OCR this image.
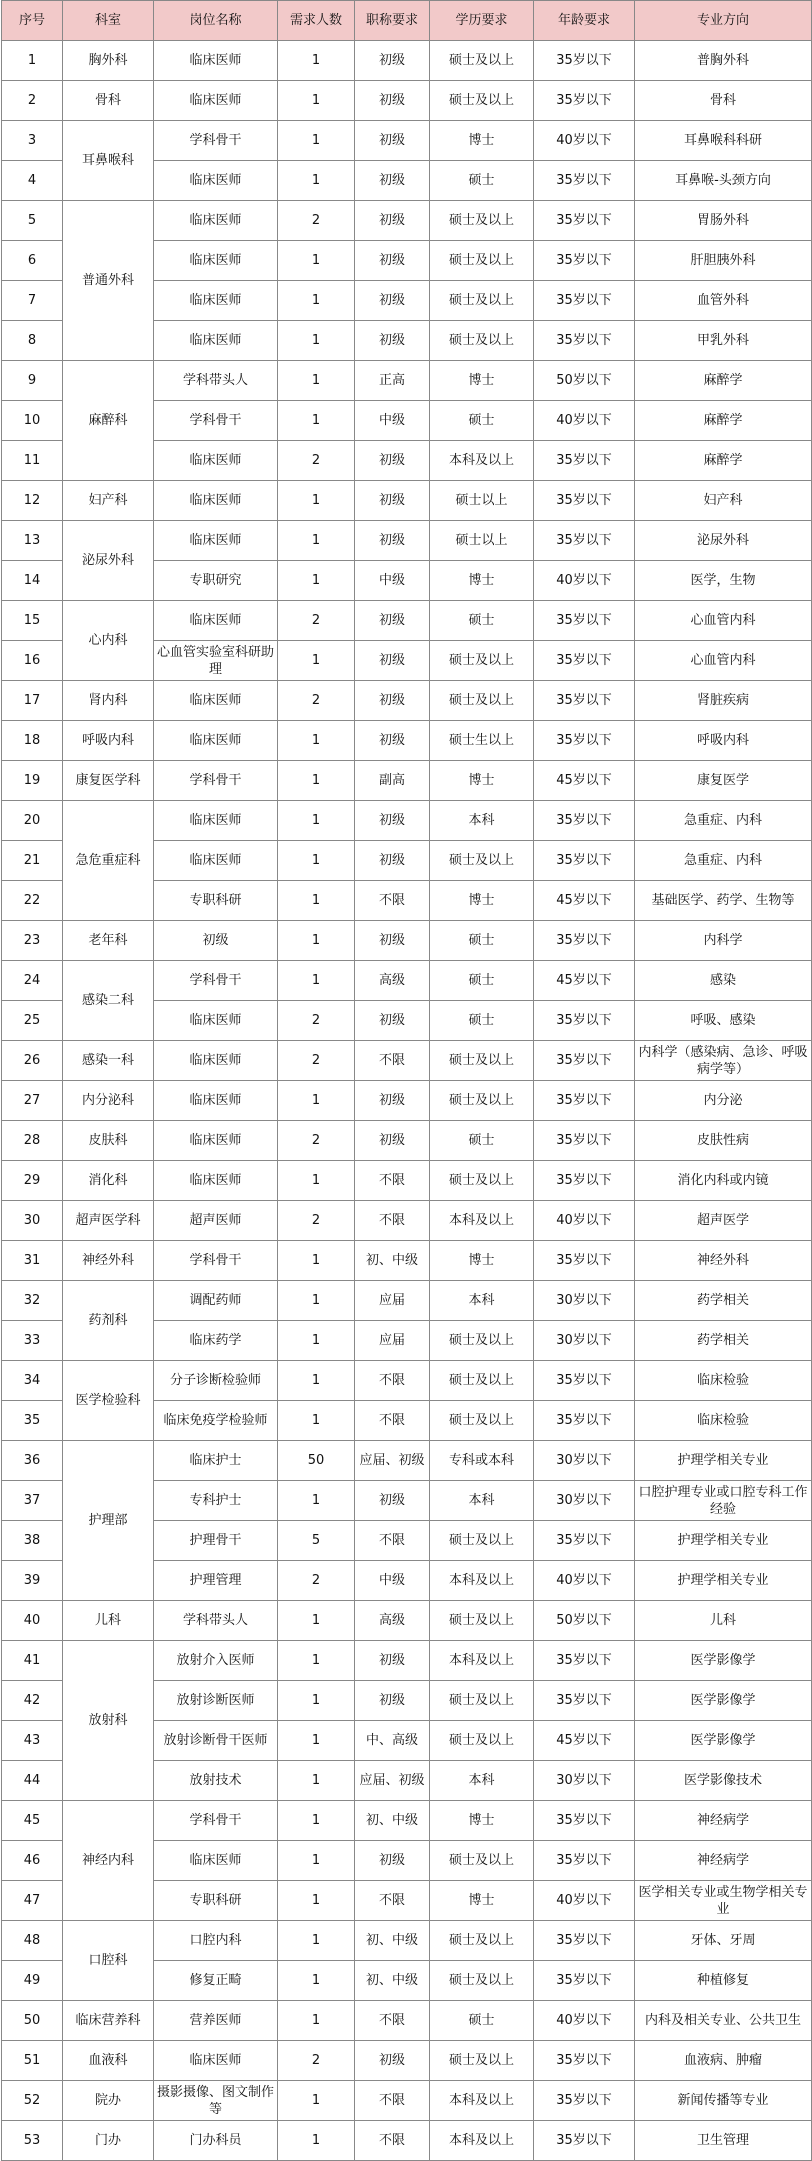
序号	科室	岗位名称	需求人数	职称要求	学历要求	年龄要求	专业方向
1	胸外科	临床医师	1	初级	硕士及以上	35岁以下	普胸外科
2	骨科	临床医师	1	初级	硕士及以上	35岁以下	骨科
3	耳鼻喉科	学科骨干	1	初级	博士	40岁以下	耳鼻喉科科研
4		临床医师	1	初级	硕士	35岁以下	耳鼻喉-头颈方向
5	普通外科	临床医师	2	初级	硕士及以上	35岁以下	胃肠外科
6		临床医师	1	初级	硕士及以上	35岁以下	肝胆胰外科
7		临床医师	1	初级	硕士及以上	35岁以下	血管外科
8		临床医师	1	初级	硕士及以上	35岁以下	甲乳外科
9	麻醉科	学科带头人	1	正高	博士	50岁以下	麻醉学
10		学科骨干	1	中级	硕士	40岁以下	麻醉学
11		临床医师	2	初级	本科及以上	35岁以下	麻醉学
12	妇产科	临床医师	1	初级	硕士以上	35岁以下	妇产科
13	泌尿外科	临床医师	1	初级	硕士以上	35岁以下	泌尿外科
14		专职研究	1	中级	博士	40岁以下	医学，生物
15	心内科	临床医师	2	初级	硕士	35岁以下	心血管内科
16		心血管实验室科研助理	1	初级	硕士及以上	35岁以下	心血管内科
17	肾内科	临床医师	2	初级	硕士及以上	35岁以下	肾脏疾病
18	呼吸内科	临床医师	1	初级	硕士生以上	35岁以下	呼吸内科
19	康复医学科	学科骨干	1	副高	博士	45岁以下	康复医学
20	急危重症科	临床医师	1	初级	本科	35岁以下	急重症、内科
21		临床医师	1	初级	硕士及以上	35岁以下	急重症、内科
22		专职科研	1	不限	博士	45岁以下	基础医学、药学、生物等
23	老年科	初级	1	初级	硕士	35岁以下	内科学
24	感染二科	学科骨干	1	高级	硕士	45岁以下	感染
25		临床医师	2	初级	硕士	35岁以下	呼吸、感染
26	感染一科	临床医师	2	不限	硕士及以上	35岁以下	内科学（感染病、急诊、呼吸病学等）
27	内分泌科	临床医师	1	初级	硕士及以上	35岁以下	内分泌
28	皮肤科	临床医师	2	初级	硕士	35岁以下	皮肤性病
29	消化科	临床医师	1	不限	硕士及以上	35岁以下	消化内科或内镜
30	超声医学科	超声医师	2	不限	本科及以上	40岁以下	超声医学
31	神经外科	学科骨干	1	初、中级	博士	35岁以下	神经外科
32	药剂科	调配药师	1	应届	本科	30岁以下	药学相关
33		临床药学	1	应届	硕士及以上	30岁以下	药学相关
34	医学检验科	分子诊断检验师	1	不限	硕士及以上	35岁以下	临床检验
35		临床免疫学检验师	1	不限	硕士及以上	35岁以下	临床检验
36	护理部	临床护士	50	应届、初级	专科或本科	30岁以下	护理学相关专业
37		专科护士	1	初级	本科	30岁以下	口腔护理专业或口腔专科工作经验
38		护理骨干	5	不限	硕士及以上	35岁以下	护理学相关专业
39		护理管理	2	中级	本科及以上	40岁以下	护理学相关专业
40	儿科	学科带头人	1	高级	硕士及以上	50岁以下	儿科
41	放射科	放射介入医师	1	初级	本科及以上	35岁以下	医学影像学
42		放射诊断医师	1	初级	硕士及以上	35岁以下	医学影像学
43		放射诊断骨干医师	1	中、高级	硕士及以上	45岁以下	医学影像学
44		放射技术	1	应届、初级	本科	30岁以下	医学影像技术
45	神经内科	学科骨干	1	初、中级	博士	35岁以下	神经病学
46		临床医师	1	初级	硕士及以上	35岁以下	神经病学
47		专职科研	1	不限	博士	40岁以下	医学相关专业或生物学相关专业
48	口腔科	口腔内科	1	初、中级	硕士及以上	35岁以下	牙体、牙周
49		修复正畸	1	初、中级	硕士及以上	35岁以下	种植修复
50	临床营养科	营养医师	1	不限	硕士	40岁以下	内科及相关专业、公共卫生
51	血液科	临床医师	2	初级	硕士及以上	35岁以下	血液病、肿瘤
52	院办	摄影摄像、图文制作等	1	不限	本科及以上	35岁以下	新闻传播等专业
53	门办	门办科员	1	不限	本科及以上	35岁以下	卫生管理
